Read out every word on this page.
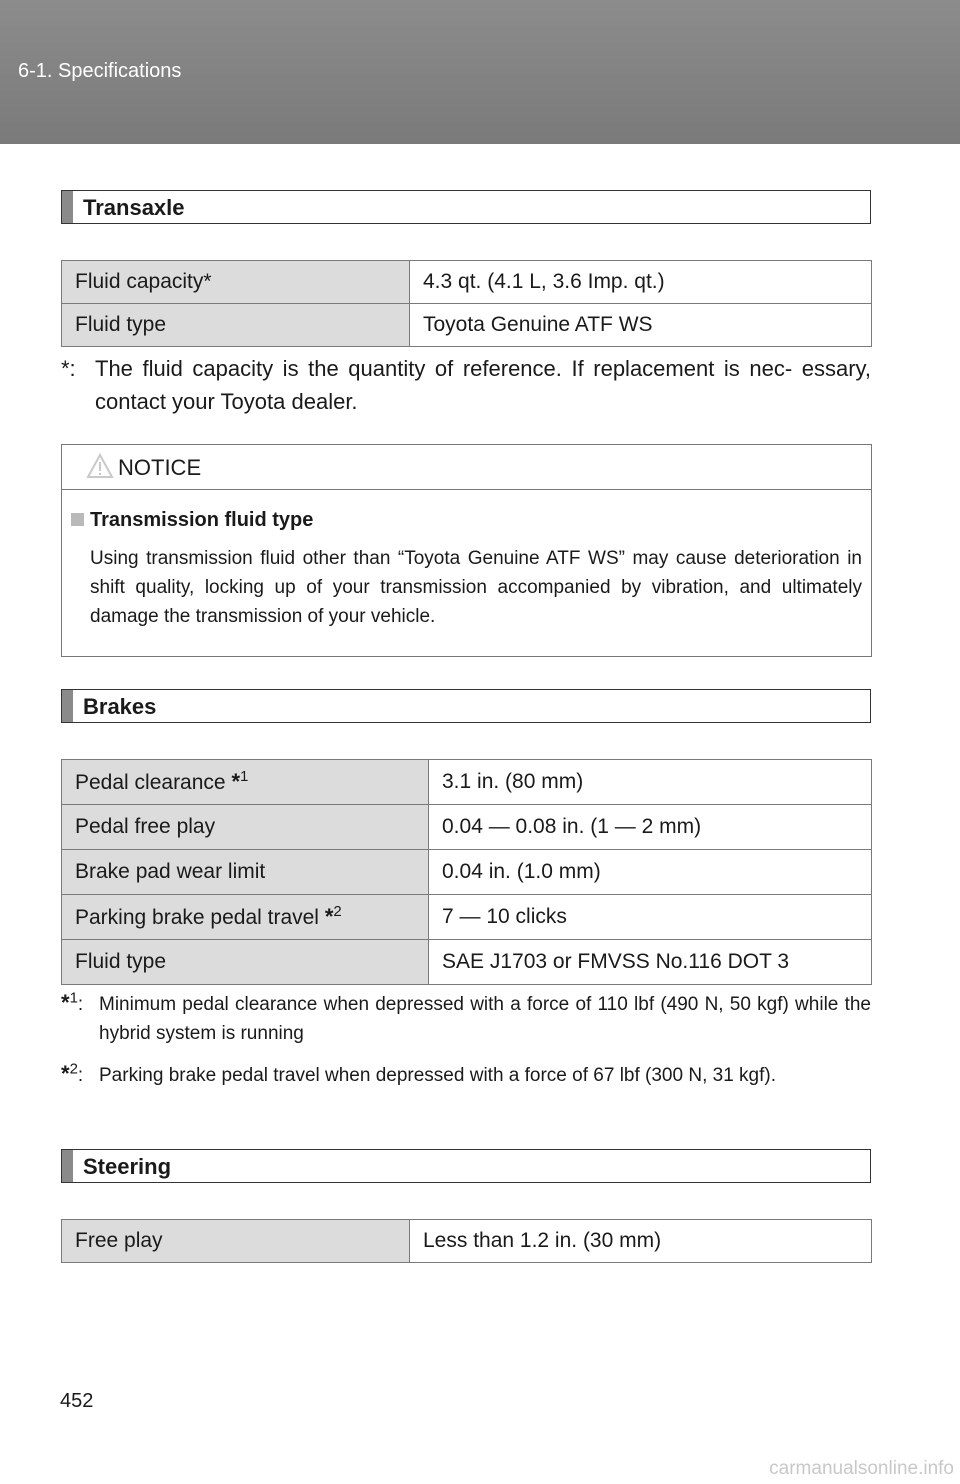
6-1. Specifications
Transaxle
Fluid capacity*	4.3 qt. (4.1 L, 3.6 Imp. qt.)
Fluid type	Toyota Genuine ATF WS
*: The fluid capacity is the quantity of reference. If replacement is nec- essary, contact your Toyota dealer.
NOTICE
Transmission fluid type
Using transmission fluid other than “Toyota Genuine ATF WS” may cause deterioration in shift quality, locking up of your transmission accompanied by vibration, and ultimately damage the transmission of your vehicle.
Brakes
Pedal clearance *$^1$	3.1 in. (80 mm)
Pedal free play	0.04 — 0.08 in. (1 — 2 mm)
Brake pad wear limit	0.04 in. (1.0 mm)
Parking brake pedal travel *$^2$	7 — 10 clicks
Fluid type	SAE J1703 or FMVSS No.116 DOT 3
*$^1$: Minimum pedal clearance when depressed with a force of 110 lbf (490 N, 50 kgf) while the hybrid system is running
*$^2$: Parking brake pedal travel when depressed with a force of 67 lbf (300 N, 31 kgf).
Steering
Free play	Less than 1.2 in. (30 mm)
452
carmanualsonline.info
